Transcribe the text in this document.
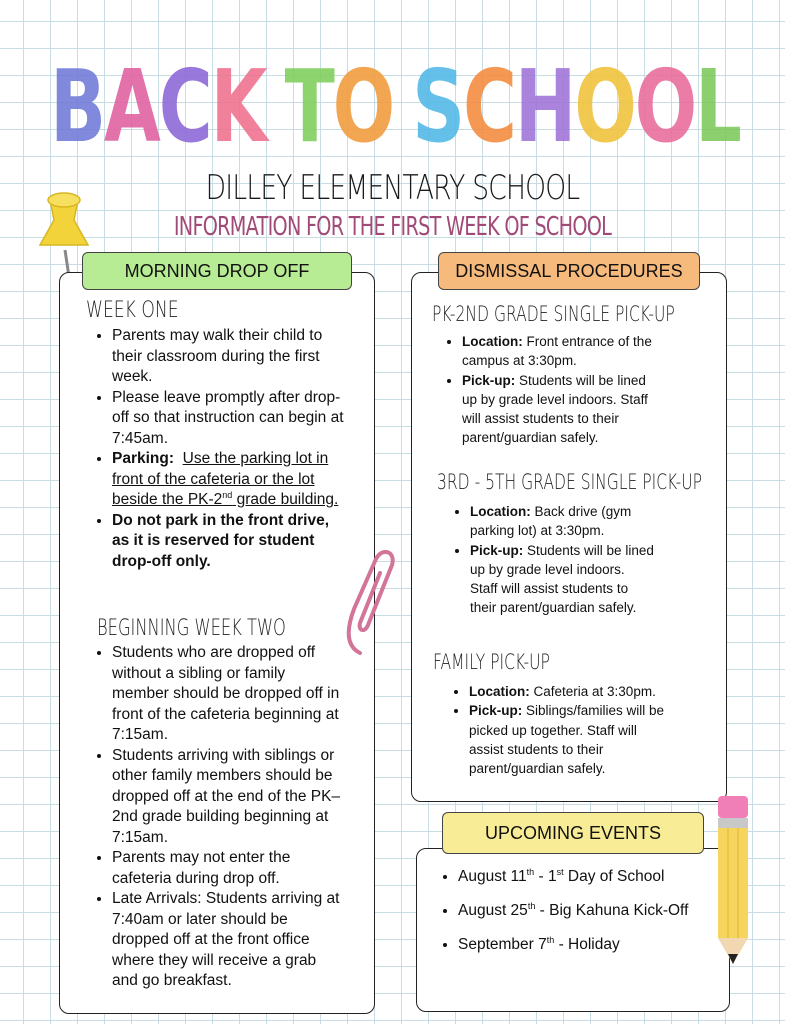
BACK TO SCHOOL
DILLEY ELEMENTARY SCHOOL
INFORMATION FOR THE FIRST WEEK OF SCHOOL
MORNING DROP OFF
WEEK ONE
• Parents may walk their child to their classroom during the first week.
• Please leave promptly after drop-off so that instruction can begin at 7:45am.
• Parking: Use the parking lot in front of the cafeteria or the lot beside the PK-2nd grade building.
• Do not park in the front drive, as it is reserved for student drop-off only.
BEGINNING WEEK TWO
• Students who are dropped off without a sibling or family member should be dropped off in front of the cafeteria beginning at 7:15am.
• Students arriving with siblings or other family members should be dropped off at the end of the PK–2nd grade building beginning at 7:15am.
• Parents may not enter the cafeteria during drop off.
• Late Arrivals: Students arriving at 7:40am or later should be dropped off at the front office where they will receive a grab and go breakfast.
DISMISSAL PROCEDURES
PK-2ND GRADE SINGLE PICK-UP
• Location: Front entrance of the campus at 3:30pm.
• Pick-up: Students will be lined up by grade level indoors. Staff will assist students to their parent/guardian safely.
3RD - 5TH GRADE SINGLE PICK-UP
• Location: Back drive (gym parking lot) at 3:30pm.
• Pick-up: Students will be lined up by grade level indoors. Staff will assist students to their parent/guardian safely.
FAMILY PICK-UP
• Location: Cafeteria at 3:30pm.
• Pick-up: Siblings/families will be picked up together. Staff will assist students to their parent/guardian safely.
UPCOMING EVENTS
• August 11th - 1st Day of School
• August 25th - Big Kahuna Kick-Off
• September 7th - Holiday
